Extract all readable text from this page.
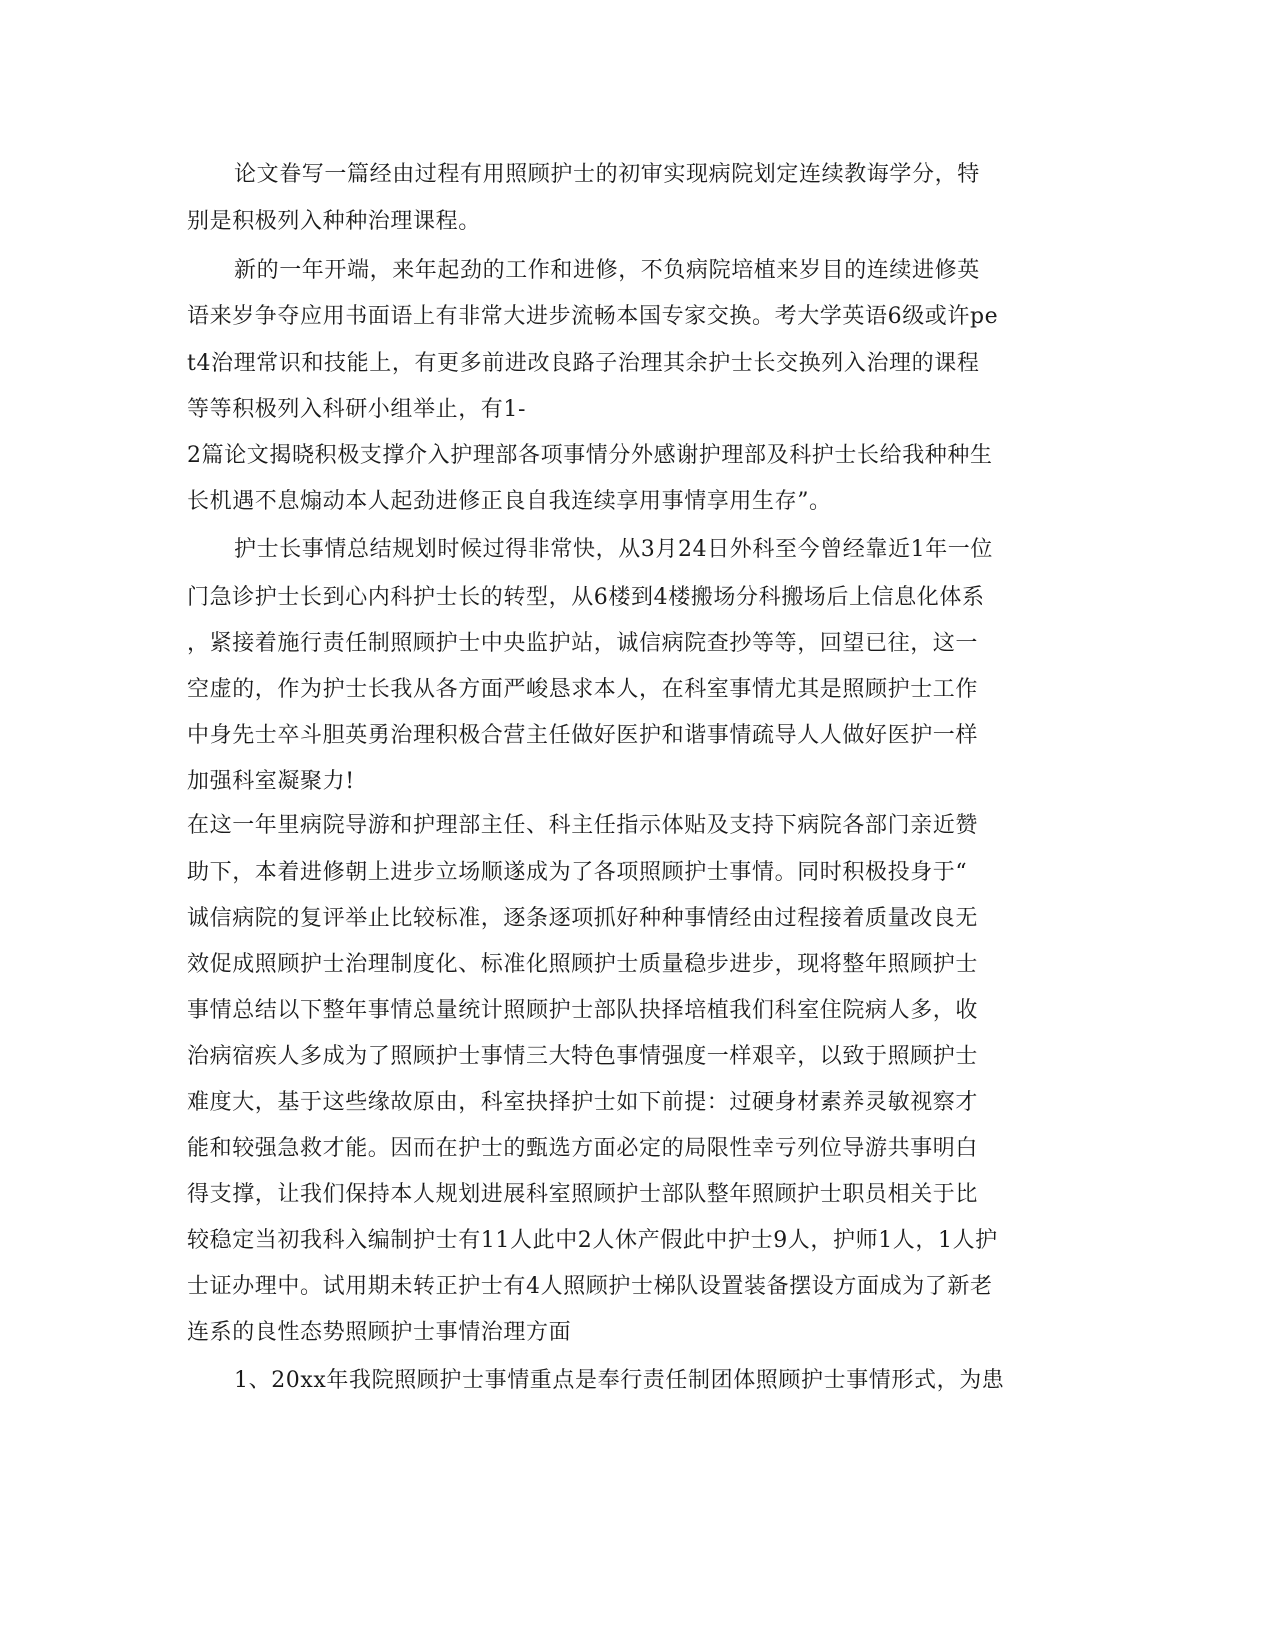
论文眷写一篇经由过程有用照顾护士的初审实现病院划定连续教诲学分，特
别是积极列入种种治理课程。
新的一年开端，来年起劲的工作和进修，不负病院培植来岁目的连续进修英
语来岁争夺应用书面语上有非常大进步流畅本国专家交换。考大学英语6级或许pe
t4治理常识和技能上，有更多前进改良路子治理其余护士长交换列入治理的课程
等等积极列入科研小组举止，有1-
2篇论文揭晓积极支撑介入护理部各项事情分外感谢护理部及科护士长给我种种生
长机遇不息煽动本人起劲进修正良自我连续享用事情享用生存”。
护士长事情总结规划时候过得非常快，从3月24日外科至今曾经靠近1年一位
门急诊护士长到心内科护士长的转型，从6楼到4楼搬场分科搬场后上信息化体系
，紧接着施行责任制照顾护士中央监护站，诚信病院查抄等等，回望已往，这一
空虚的，作为护士长我从各方面严峻恳求本人，在科室事情尤其是照顾护士工作
中身先士卒斗胆英勇治理积极合营主任做好医护和谐事情疏导人人做好医护一样
加强科室凝聚力!
在这一年里病院导游和护理部主任、科主任指示体贴及支持下病院各部门亲近赞
助下，本着进修朝上进步立场顺遂成为了各项照顾护士事情。同时积极投身于“
诚信病院的复评举止比较标准，逐条逐项抓好种种事情经由过程接着质量改良无
效促成照顾护士治理制度化、标准化照顾护士质量稳步进步，现将整年照顾护士
事情总结以下整年事情总量统计照顾护士部队抉择培植我们科室住院病人多，收
治病宿疾人多成为了照顾护士事情三大特色事情强度一样艰辛，以致于照顾护士
难度大，基于这些缘故原由，科室抉择护士如下前提：过硬身材素养灵敏视察才
能和较强急救才能。因而在护士的甄选方面必定的局限性幸亏列位导游共事明白
得支撑，让我们保持本人规划进展科室照顾护士部队整年照顾护士职员相关于比
较稳定当初我科入编制护士有11人此中2人休产假此中护士9人，护师1人，1人护
士证办理中。试用期未转正护士有4人照顾护士梯队设置装备摆设方面成为了新老
连系的良性态势照顾护士事情治理方面
1、20xx年我院照顾护士事情重点是奉行责任制团体照顾护士事情形式，为患
